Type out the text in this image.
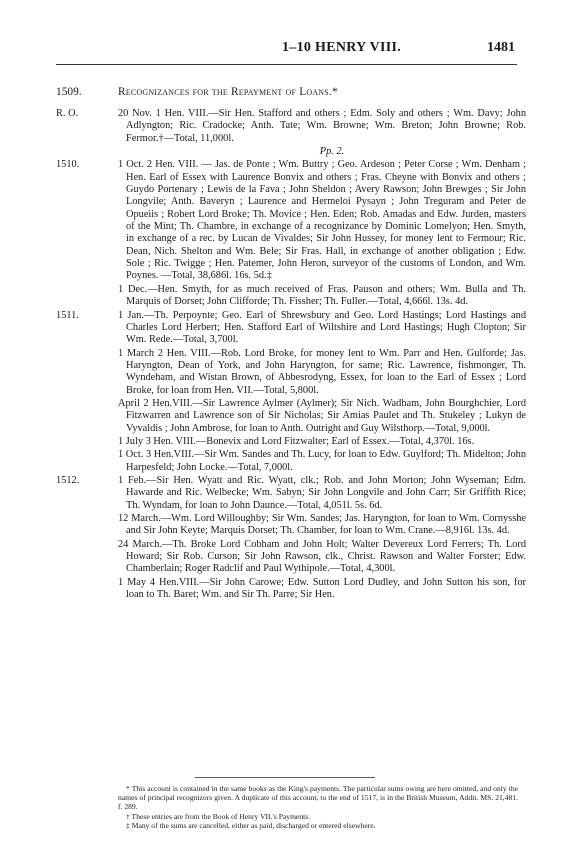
1–10 HENRY VIII.	1481
1509.	Recognizances for the Repayment of Loans.*
R. O.	20 Nov. 1 Hen. VIII.—Sir Hen. Stafford and others ; Edm. Soly and others ; Wm. Davy; John Adlyngton; Ric. Cradocke; Anth. Tate; Wm. Browne; Wm. Breton; John Browne; Rob. Fermor.†—Total, 11,000l.
Pp. 2.
1510.	1 Oct. 2 Hen. VIII. — Jas. de Ponte ; Wm. Buttry ; Geo. Ardeson ; Peter Corse ; Wm. Denham ; Hen. Earl of Essex with Laurence Bonvix and others ; Fras. Cheyne with Bonvix and others ; Guydo Portenary ; Lewis de la Fava ; John Sheldon ; Avery Rawson; John Brewges ; Sir John Longvile; Anth. Baveryn ; Laurence and Hermeloi Pysayn ; John Treguram and Peter de Opueiis ; Robert Lord Broke; Th. Movice ; Hen. Eden; Rob. Amadas and Edw. Jurden, masters of the Mint; Th. Chambre, in exchange of a recognizance by Dominic Lomelyon; Hen. Smyth, in exchange of a rec. by Lucan de Vivaldes; Sir John Hussey, for money lent to Fermour; Ric. Dean, Nich. Shelton and Wm. Bele; Sir Fras. Hall, in exchange of another obligation ; Edw. Sole ; Ric. Twigge ; Hen. Patemer, John Heron, surveyor of the customs of London, and Wm. Poynes. —Total, 38,686l. 16s. 5d.‡
1 Dec.—Hen. Smyth, for as much received of Fras. Pauson and others; Wm. Bulla and Th. Marquis of Dorset; John Clifforde; Th. Fissher; Th. Fuller.—Total, 4,666l. 13s. 4d.
1511.	1 Jan.—Th. Perpoynte; Geo. Earl of Shrewsbury and Geo. Lord Hastings; Lord Hastings and Charles Lord Herbert; Hen. Stafford Earl of Wiltshire and Lord Hastings; Hugh Clopton; Sir Wm. Rede.—Total, 3,700l.
1 March 2 Hen. VIII.—Rob. Lord Broke, for money lent to Wm. Parr and Hen. Gulforde; Jas. Haryngton, Dean of York, and John Haryngton, for same; Ric. Lawrence, fishmonger, Th. Wyndeham, and Wistan Brown, of Abbesrodyng, Essex, for loan to the Earl of Essex ; Lord Broke, for loan from Hen. VII.—Total, 5,800l.
April 2 Hen.VIII.—Sir Lawrence Aylmer (Aylmer); Sir Nich. Wadham, John Bourghchier, Lord Fitzwarren and Lawrence son of Sir Nicholas; Sir Amias Paulet and Th. Stukeley ; Lukyn de Vyvaldis ; John Ambrose, for loan to Anth. Outright and Guy Wilsthorp.—Total, 9,000l.
1 July 3 Hen. VIII.—Bonevix and Lord Fitzwalter; Earl of Essex.—Total, 4,370l. 16s.
1 Oct. 3 Hen.VIII.—Sir Wm. Sandes and Th. Lucy, for loan to Edw. Guylford; Th. Midelton; John Harpesfeld; John Locke.—Total, 7,000l.
1512.	1 Feb.—Sir Hen. Wyatt and Ric. Wyatt, clk.; Rob. and John Morton; John Wyseman; Edm. Hawarde and Ric. Welbecke; Wm. Sabyn; Sir John Longvile and John Carr; Sir Griffith Rice; Th. Wyndam, for loan to John Daunce.—Total, 4,051l. 5s. 6d.
12 March.—Wm. Lord Willoughby; Sir Wm. Sandes; Jas. Haryngton, for loan to Wm. Cornysshe and Sir John Keyte; Marquis Dorset; Th. Chamber, for loan to Wm. Crane.—8,916l. 13s. 4d.
24 March.—Th. Broke Lord Cobham and John Holt; Walter Devereux Lord Ferrers; Th. Lord Howard; Sir Rob. Curson; Sir John Rawson, clk., Christ. Rawson and Walter Forster; Edw. Chamberlain; Roger Radclif and Paul Wythipole.—Total, 4,300l.
1 May 4 Hen.VIII.—Sir John Carowe; Edw. Sutton Lord Dudley, and John Sutton his son, for loan to Th. Baret; Wm. and Sir Th. Parre; Sir Hen.

* This account is contained in the same books as the King's payments. The particular sums owing are here omitted, and only the names of principal recognizors given. A duplicate of this account, to the end of 1517, is in the British Museum, Addit. MS. 21,481. f. 289.

† These entries are from the Book of Henry VII.'s Payments.

‡ Many of the sums are cancelled, either as paid, discharged or entered elsewhere.
